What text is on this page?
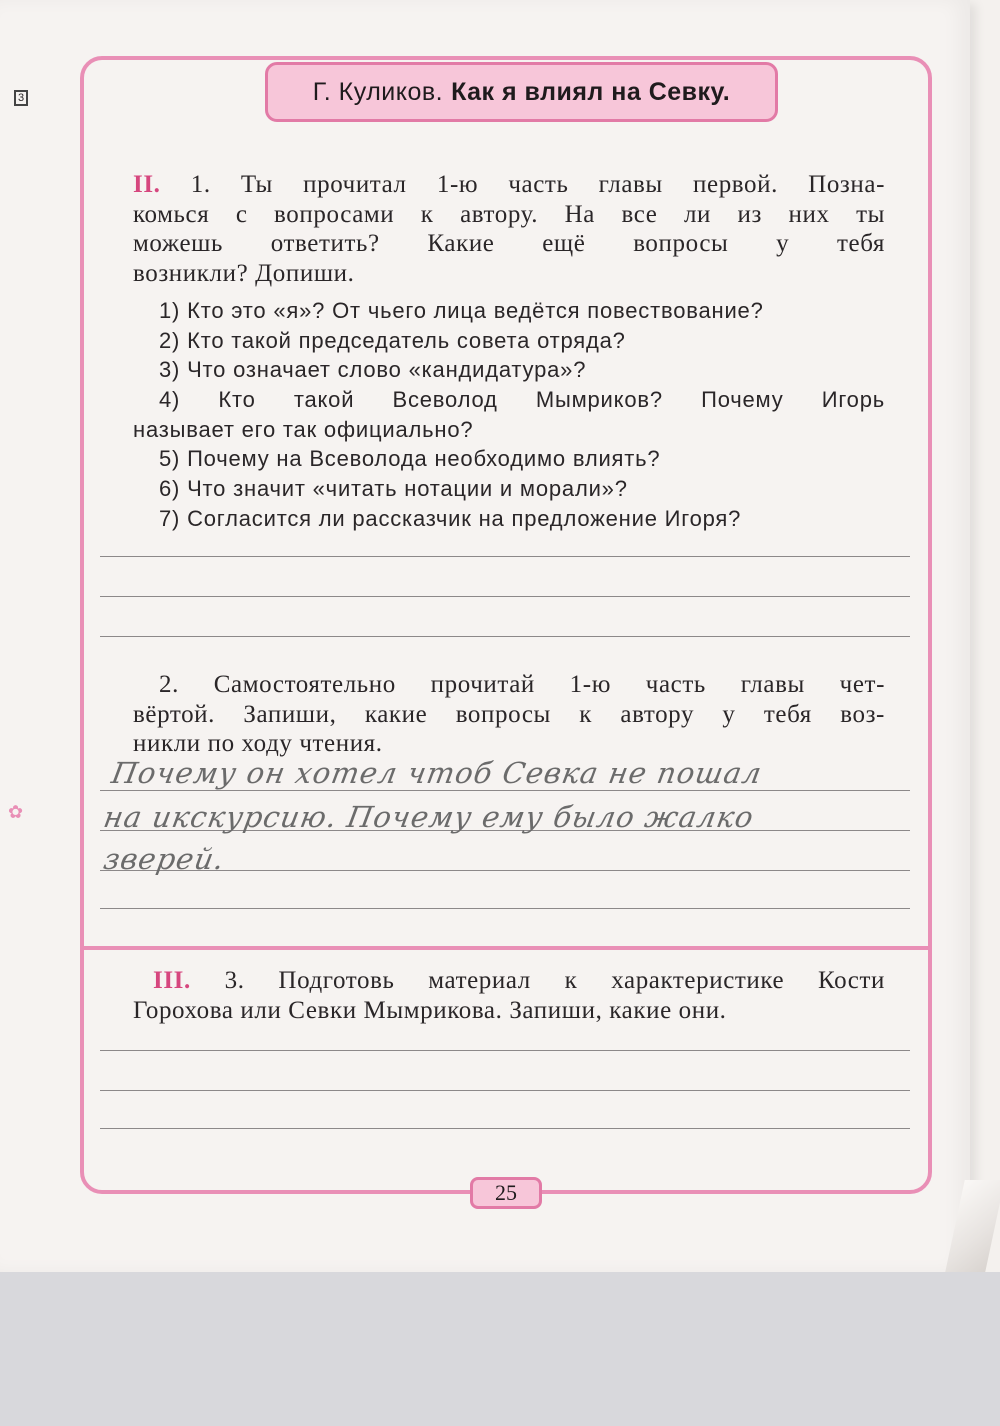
3
✿
Г. Куликов. Как я влиял на Севку.
II. 1. Ты прочитал 1-ю часть главы первой. Позна-
комься с вопросами к автору. На все ли из них ты
можешь ответить? Какие ещё вопросы у тебя
возникли? Допиши.
1) Кто это «я»? От чьего лица ведётся повествование?
2) Кто такой председатель совета отряда?
3) Что означает слово «кандидатура»?
4) Кто такой Всеволод Мымриков? Почему Игорь
называет его так официально?
5) Почему на Всеволода необходимо влиять?
6) Что значит «читать нотации и морали»?
7) Согласится ли рассказчик на предложение Игоря?
2. Самостоятельно прочитай 1-ю часть главы чет-
вёртой. Запиши, какие вопросы к автору у тебя воз-
никли по ходу чтения.
Почему он хотел чтоб Севка не пошал
на икскурсию. Почему ему было жалко
зверей.
III. 3. Подготовь материал к характеристике Кости
Горохова или Севки Мымрикова. Запиши, какие они.
25
